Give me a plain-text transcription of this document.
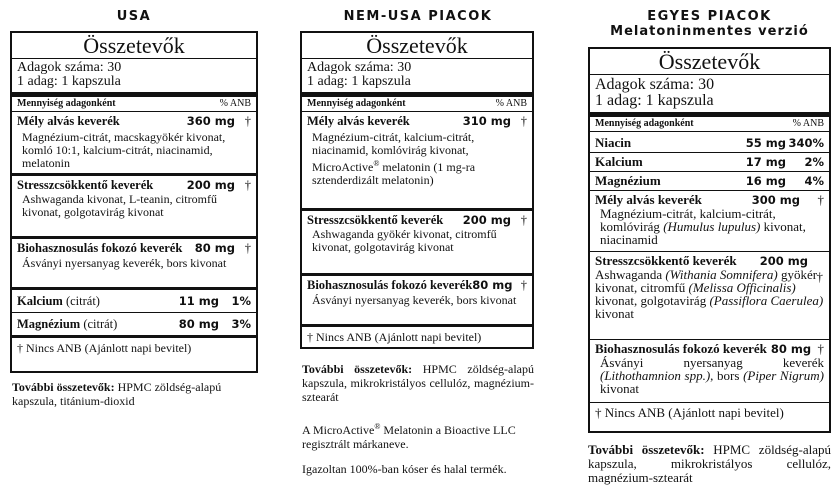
USA
Összetevők
Adagok száma: 30
1 adag: 1 kapszula
Mennyiség adagonként	% ANB
Mély alvás keverék	360 mg †
Magnézium-citrát, macskagyökér kivonat, komló 10:1, kalcium-citrát, niacinamid, melatonin
Stresszcsökkentő keverék	200 mg †
Ashwaganda kivonat, L-teanin, citromfű kivonat, golgotavirág kivonat
Biohasznosulás fokozó keverék	80 mg †
Ásványi nyersanyag keverék, bors kivonat
Kalcium (citrát)	11 mg	1%
Magnézium (citrát)	80 mg	3%
† Nincs ANB (Ajánlott napi bevitel)
További összetevők: HPMC zöldség-alapú kapszula, titánium-dioxid
NEM-USA PIACOK
Összetevők
Adagok száma: 30
1 adag: 1 kapszula
Mennyiség adagonként	% ANB
Mély alvás keverék	310 mg †
Magnézium-citrát, kalcium-citrát, niacinamid, komlóvirág kivonat, MicroActive® melatonin (1 mg-ra sztenderdizált melatonin)
Stresszcsökkentő keverék	200 mg †
Ashwaganda gyökér kivonat, citromfű kivonat, golgotavirág kivonat
Biohasznosulás fokozó keverék 80 mg †
Ásványi nyersanyag keverék, bors kivonat
† Nincs ANB (Ajánlott napi bevitel)
További összetevők: HPMC zöldség-alapú kapszula, mikrokristályos cellulóz, magnézium-sztearát
A MicroActive® Melatonin a Bioactive LLC regisztrált márkaneve.
Igazoltan 100%-ban kóser és halal termék.
EGYES PIACOK
Melatoninmentes verzió
Összetevők
Adagok száma: 30
1 adag: 1 kapszula
Mennyiség adagonként	% ANB
Niacin	55 mg 340%
Kalcium	17 mg	2%
Magnézium	16 mg	4%
Mély alvás keverék	300 mg	†
Magnézium-citrát, kalcium-citrát, komlóvirág (Humulus lupulus) kivonat, niacinamid
Stresszcsökkentő keverék	200 mg
Ashwaganda (Withania Somnifera) gyökér kivonat, citromfű (Melissa Officinalis) kivonat, golgotavirág (Passiflora Caerulea) kivonat
†
Biohasznosulás fokozó keverék 80 mg †
Ásványi nyersanyag keverék (Lithothamnion spp.), bors (Piper Nigrum) kivonat
† Nincs ANB (Ajánlott napi bevitel)
További összetevők: HPMC zöldség-alapú kapszula, mikrokristályos cellulóz, magnézium-sztearát
